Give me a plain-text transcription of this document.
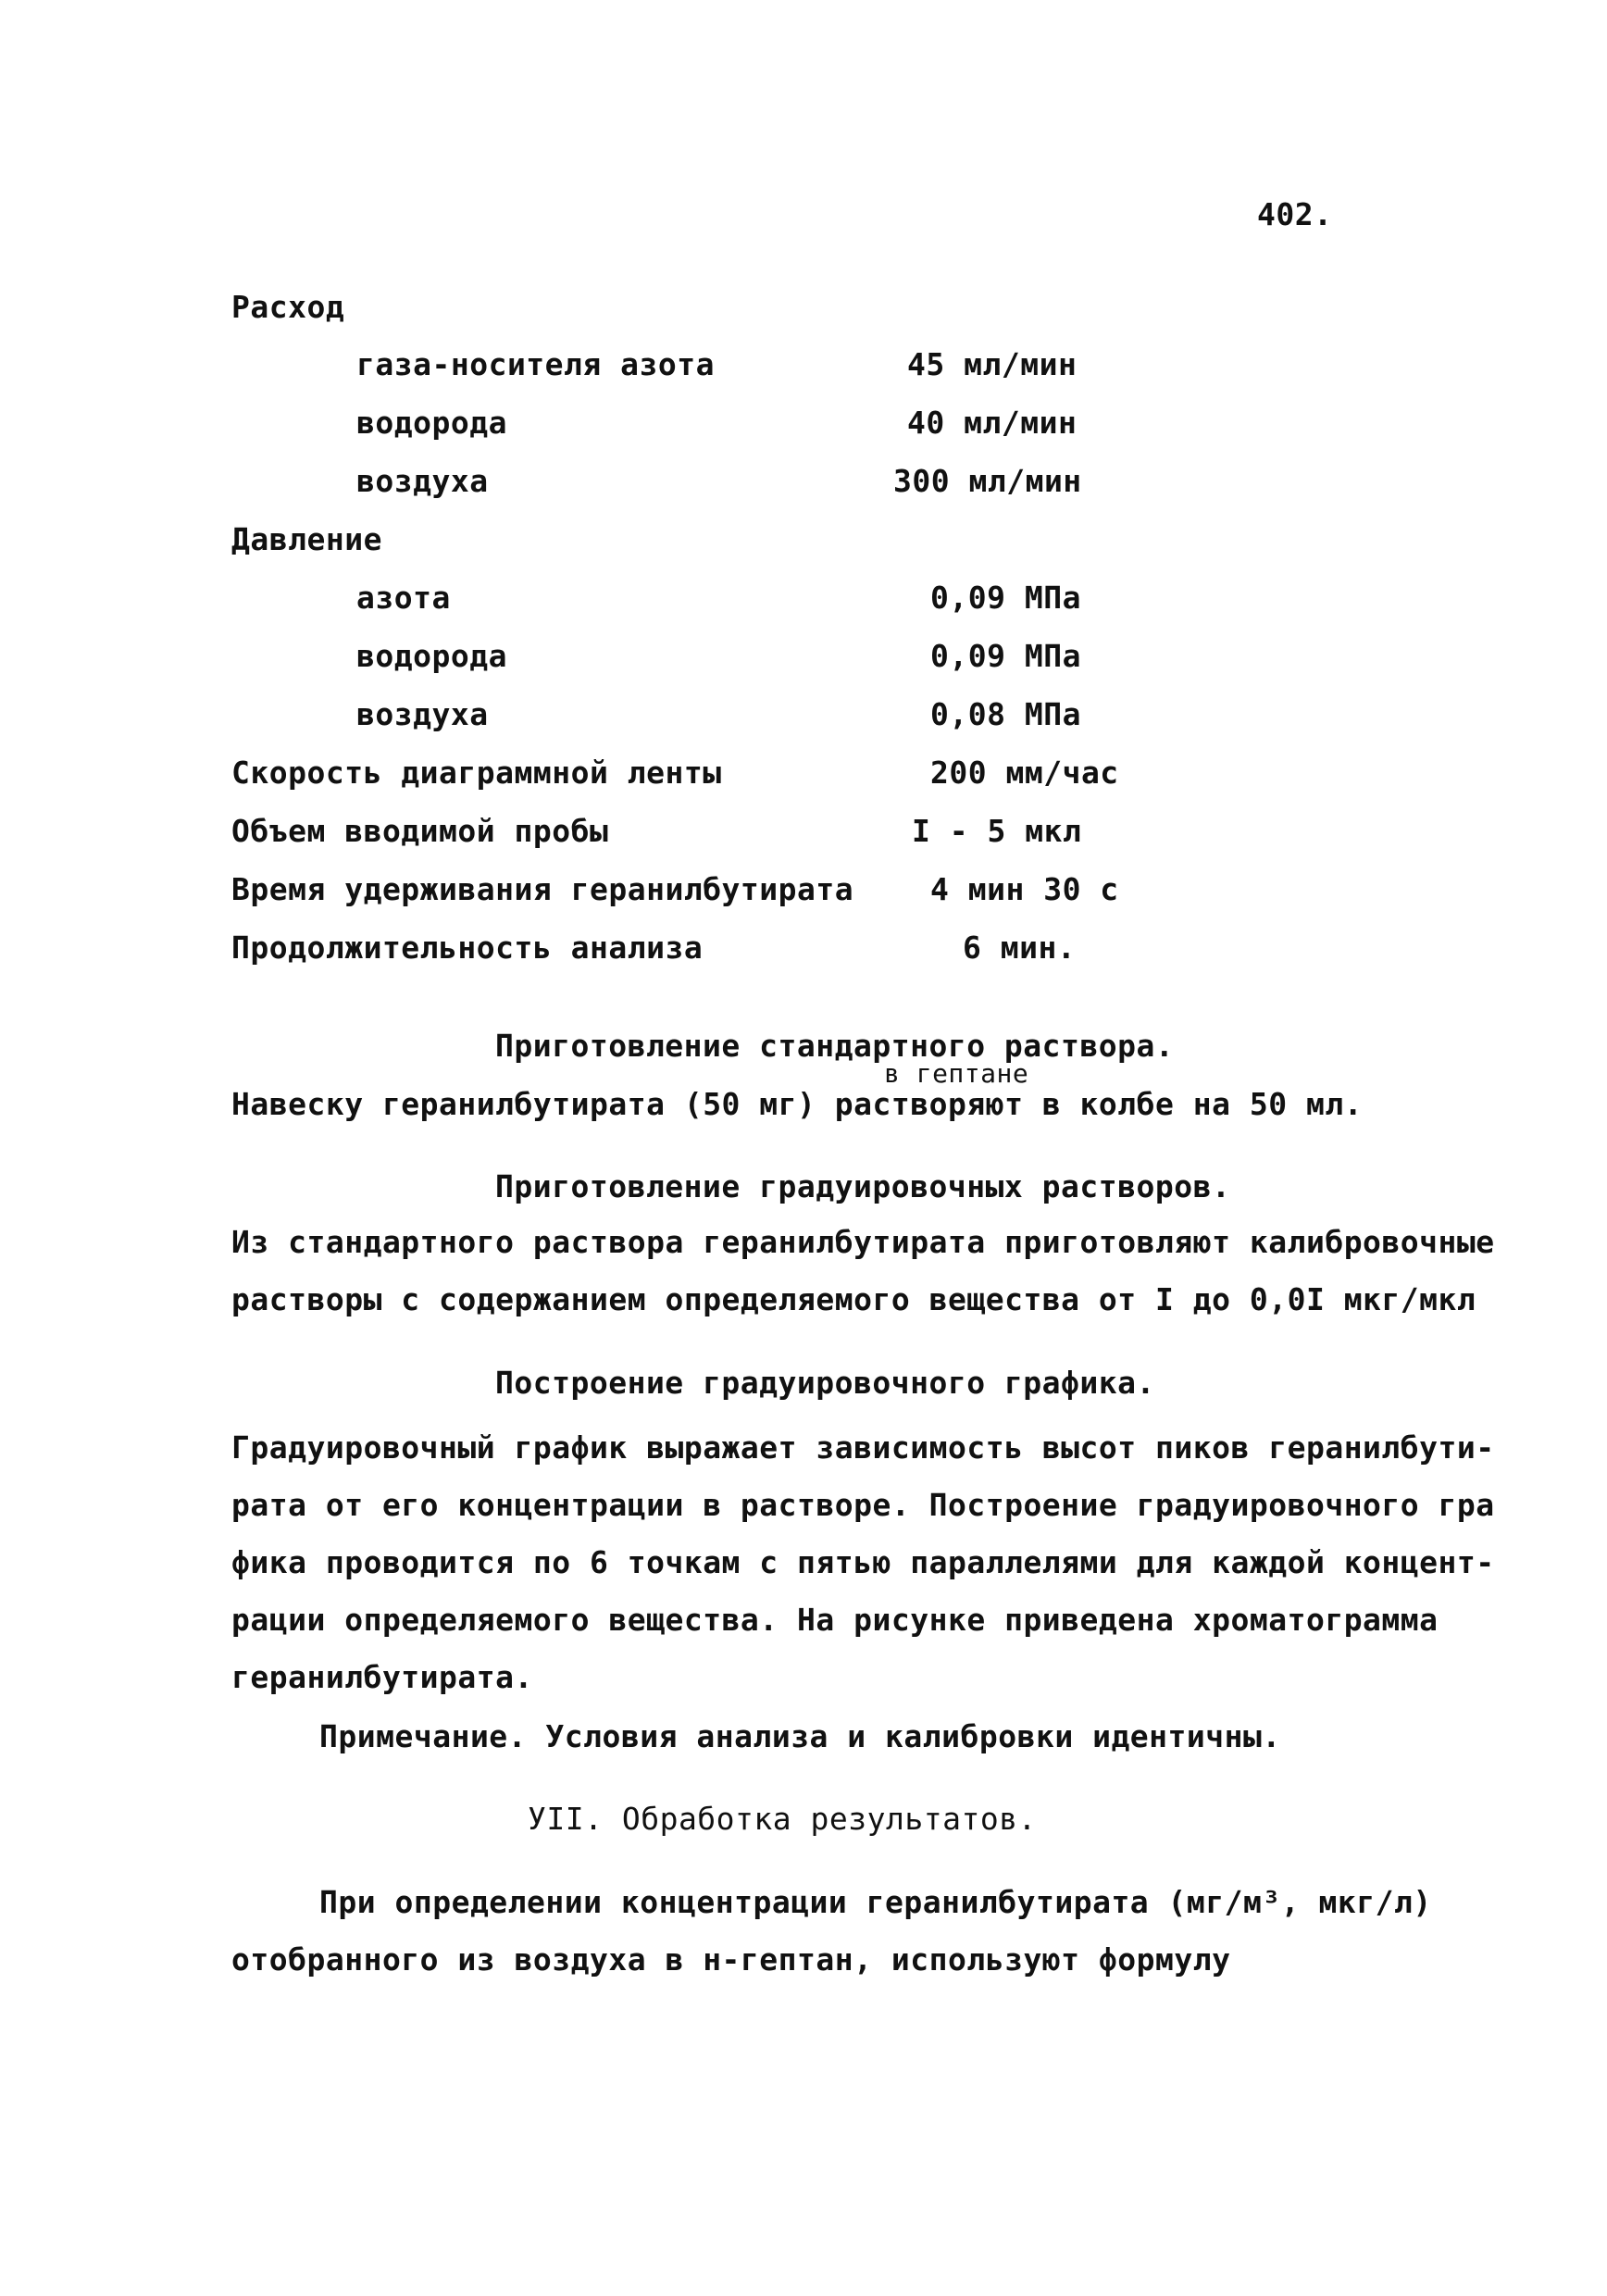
402.
Расход
газа-носителя азота	45 мл/мин
водорода	40 мл/мин
воздуха	300 мл/мин
Давление
азота	0,09 МПа
водорода	0,09 МПа
воздуха	0,08 МПа
Скорость диаграммной ленты	200 мм/час
Объем вводимой пробы	I - 5 мкл
Время удерживания геранилбутирата	4 мин 30 с
Продолжительность анализа	6 мин.
Приготовление стандартного раствора.
в гептане
Навеску геранилбутирата (50 мг) растворяют в колбе на 50 мл.
Приготовление градуировочных растворов.
Из стандартного раствора геранилбутирата приготовляют калибровочные
растворы с содержанием определяемого вещества от I до 0,0I мкг/мкл
Построение градуировочного графика.
Градуировочный график выражает зависимость высот пиков геранилбути-
рата от его концентрации в растворе. Построение градуировочного гра
фика проводится по 6 точкам с пятью параллелями для каждой концент-
рации определяемого вещества. На рисунке приведена хроматограмма
геранилбутирата.
Примечание. Условия анализа и калибровки идентичны.
УII. Обработка результатов.
При определении концентрации геранилбутирата (мг/м³, мкг/л)
отобранного из воздуха в н-гептан, используют формулу
